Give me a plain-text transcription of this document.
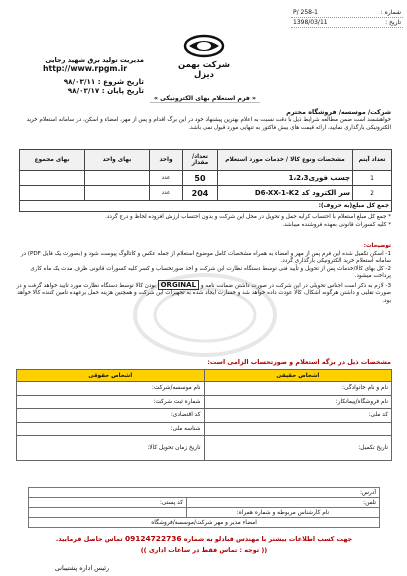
P/ 258-1	شماره :
1398/03/11	تاریخ :
شرکت بهمن دیزل
مدیریت تولید برق شهید رجایی
http://www.rpgm.ir
تاریخ شروع : ۹۸/۰۳/۱۱
تاریخ پایان : ۹۸/۰۳/۱۷
« فرم استعلام بهای الکترونیکی »
شرکت/ موسسه/ فروشگاه محترم
خواهشمند است ضمن مطالعه شرایط ذیل با دقت نسبت به اعلام بهترین پیشنهاد خود در این برگ اقدام و پس از مهر، امضاء و اسکن، در سامانه استعلام خرید الکترونیکی بارگذاری نمایید، ارائه قیمت های بیش فاکتور به تنهایی مورد قبول نمی باشد.
تعداد آیتم	مشخصات ونوع کالا / خدمات مورد استعلام	تعداد/ مقدار	واحد	بهای واحد	بهای مجموع
1	چسب فوری1،2،3	50	عدد		
2	سر الکترود کد D6-XX-1-K2	204	عدد		
جمع کل مبلغ(به حروف):					
* جمع کل مبلغ استعلام با احتساب کرایه حمل و تحویل در محل این شرکت و بدون احتساب ارزش افزوده لحاظ و درج گردد.
* کلیه کسورات قانونی بعهده فروشنده میباشد.
توضیحات:
1- اسکن تکمیل شده این فرم پس از مهر و امضاء به همراه مشخصات کامل موضوع استعلام از جمله عکس و کاتالوگ پیوست شود و (بصورت یک فایل PDF) در سامانه استعلام خرید الکترونیکی بارگذاری گردد.
2- کل بهای کالا/خدمات پس از تحویل و تأیید فنی توسط دستگاه نظارت این شرکت و اخذ صورتحساب و کسر کلیه کسورات قانونی ظرف مدت یک ماه کاری پرداخت میشود.
3- لازم به ذکر است اجناس تحویلی در این شرکت در صورت داشتن ضمانت نامه و ORGINAL بودن کالا توسط دستگاه نظارت مورد تایید خواهد گرفت و در صورت تقلبی و داشتن هرگونه اشکال، کالا عودت داده خواهد شد و خسارت ایجاد شده به تجهیزات این شرکت و همچنین هزینه حمل برعهده تامین کننده کالا خواهد بود.
مشخصات ذیل در برگه استعلام و صورتحساب الزامی است:
اشخاص حقیقی	اشخاص حقوقی
نام و نام خانوادگی:	نام موسسه/شرکت:
نام فروشگاه/پیمانکار:	شماره ثبت شرکت:
کد ملی:	کد اقتصادی:
	شناسه ملی:
تاریخ تکمیل:	تاریخ زمان تحویل کالا:
آدرس:	
تلفن:	کد پستی:
نام کارشناس مربوطه و شماره همراه:	
امضاء مدیر و مهر شرکت/موسسه/فروشگاه	
جهت کسب اطلاعات بیشتر با مهندس قبادلو به شماره 09124722736 تماس حاصل فرمایید.
(( توجه : تماس فقط در ساعات اداری ))
رئیس اداره پشتیبانی
